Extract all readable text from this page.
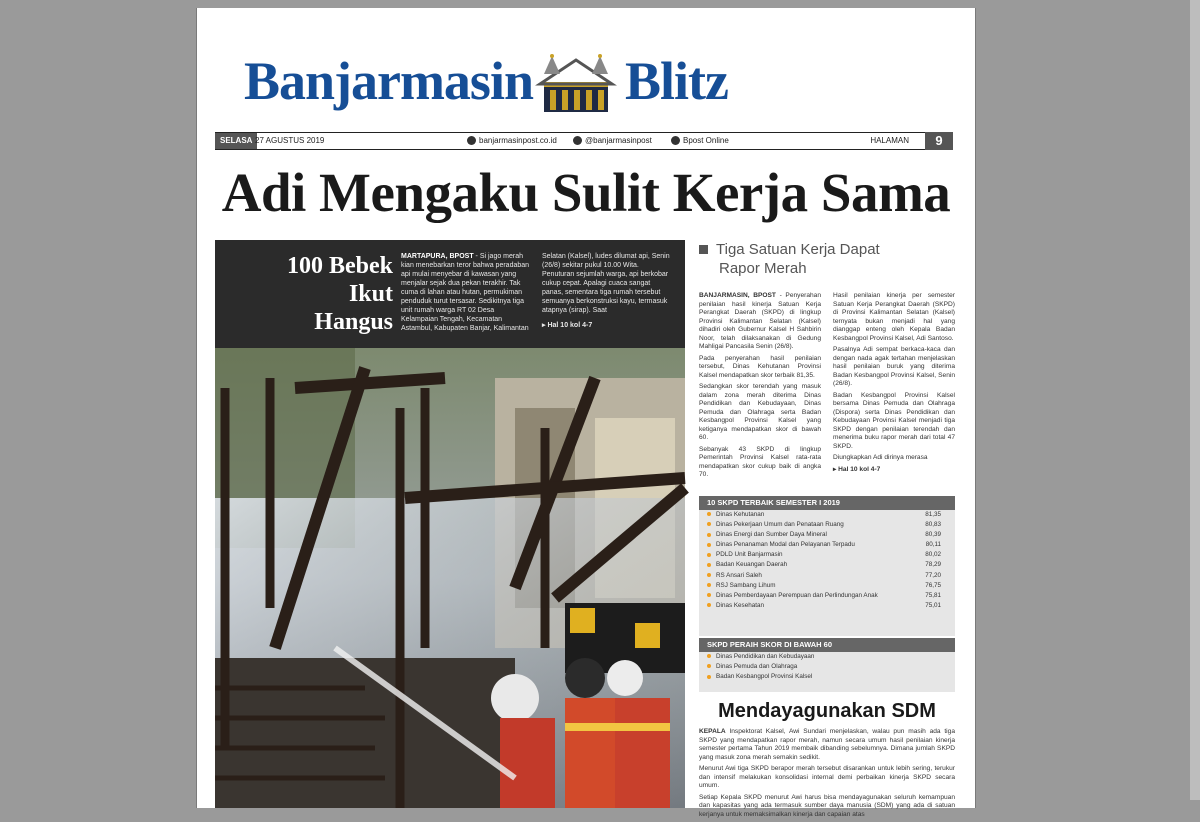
Banjarmasin Blitz
SELASA 27 AGUSTUS 2019	banjarmasinpost.co.id	@banjarmasinpost	Bpost Online	HALAMAN	9
Adi Mengaku Sulit Kerja Sama
100 Bebek
Ikut
Hangus
MARTAPURA, BPOST - Si jago merah kian menebarkan teror bahwa peradaban api mulai menyebar di kawasan yang menjalar sejak dua pekan terakhir. Tak cuma di lahan atau hutan, permukiman penduduk turut tersasar. Sedikitnya tiga unit rumah warga RT 02 Desa Kelampaian Tengah, Kecamatan Astambul, Kabupaten Banjar, Kalimantan Selatan (Kalsel), ludes dilumat api, Senin (26/8) sekitar pukul 10.00 Wita. Penuturan sejumlah warga, api berkobar cukup cepat. Apalagi cuaca sangat panas, sementara tiga rumah tersebut semuanya berkonstruksi kayu, termasuk atapnya (sirap). Saat
▸ Hal 10 kol 4-7
Tiga Satuan Kerja Dapat
Rapor Merah

BANJARMASIN, BPOST - Penyerahan penilaian hasil kinerja Satuan Kerja Perangkat Daerah (SKPD) di lingkup Provinsi Kalimantan Selatan (Kalsel) dihadiri oleh Gubernur Kalsel H Sahbirin Noor, telah dilaksanakan di Gedung Mahligai Pancasila Senin (26/8).

Pada penyerahan hasil penilaian tersebut, Dinas Kehutanan Provinsi Kalsel mendapatkan skor terbaik 81,35.

Sedangkan skor terendah yang masuk dalam zona merah diterima Dinas Pendidikan dan Kebudayaan, Dinas Pemuda dan Olahraga serta Badan Kesbangpol Provinsi Kalsel yang ketiganya mendapatkan skor di bawah 60.

Sebanyak 43 SKPD di lingkup Pemerintah Provinsi Kalsel rata-rata mendapatkan skor cukup baik di angka 70.

Hasil penilaian kinerja per semester Satuan Kerja Perangkat Daerah (SKPD) di Provinsi Kalimantan Selatan (Kalsel) ternyata bukan menjadi hal yang dianggap enteng oleh Kepala Badan Kesbangpol Provinsi Kalsel, Adi Santoso.

Pasalnya Adi sempat berkaca-kaca dan dengan nada agak tertahan menjelaskan hasil penilaian buruk yang diterima Badan Kesbangpol Provinsi Kalsel, Senin (26/8).

Badan Kesbangpol Provinsi Kalsel bersama Dinas Pemuda dan Olahraga (Dispora) serta Dinas Pendidikan dan Kebudayaan Provinsi Kalsel menjadi tiga SKPD dengan penilaian terendah dan menerima buku rapor merah dari total 47 SKPD.

Diungkapkan Adi dirinya merasa

▸ Hal 10 kol 4-7

10 SKPD TERBAIK SEMESTER I 2019
Dinas Kehutanan	81,35
Dinas Pekerjaan Umum dan Penataan Ruang	80,83
Dinas Energi dan Sumber Daya Mineral	80,39
Dinas Penanaman Modal dan Pelayanan Terpadu	80,11
PDLD Unit Banjarmasin	80,02
Badan Keuangan Daerah	78,29
RS Ansari Saleh	77,20
RSJ Sambang Lihum	76,75
Dinas Pemberdayaan Perempuan dan Perlindungan Anak	75,81
Dinas Kesehatan	75,01
SKPD PERAIH SKOR DI BAWAH 60
Dinas Pendidikan dan Kebudayaan
Dinas Pemuda dan Olahraga
Badan Kesbangpol Provinsi Kalsel
Mendayagunakan SDM

KEPALA Inspektorat Kalsel, Awi Sundari menjelaskan, walau pun masih ada tiga SKPD yang mendapatkan rapor merah, namun secara umum hasil penilaian kinerja semester pertama Tahun 2019 membaik dibanding sebelumnya. Dimana jumlah SKPD yang masuk zona merah semakin sedikit.

Menurut Awi tiga SKPD berapor merah tersebut disarankan untuk lebih sering, terukur dan intensif melakukan konsolidasi internal demi perbaikan kinerja SKPD secara umum.

Setiap Kepala SKPD menurut Awi harus bisa mendayagunakan seluruh kemampuan dan kapasitas yang ada termasuk sumber daya manusia (SDM) yang ada di satuan kerjanya untuk memaksimalkan kinerja dan capaian atas
